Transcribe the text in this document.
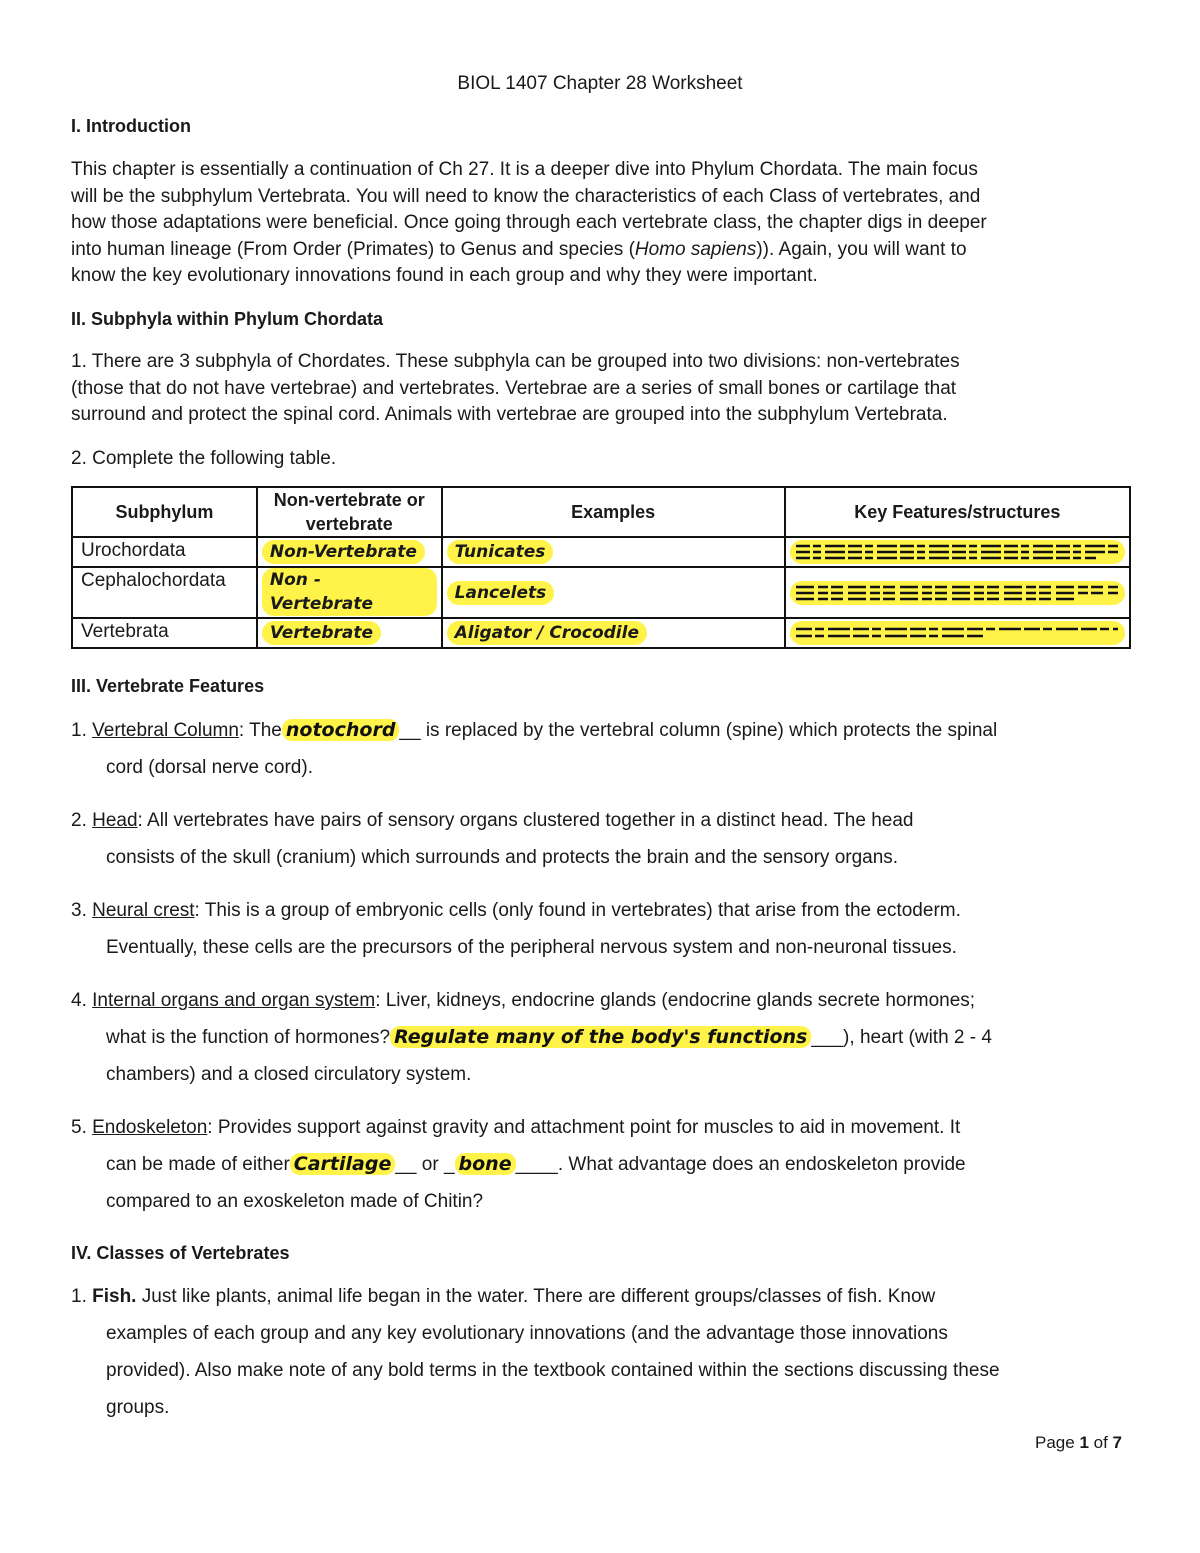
BIOL 1407 Chapter 28 Worksheet
I. Introduction
This chapter is essentially a continuation of Ch 27. It is a deeper dive into Phylum Chordata. The main focus
will be the subphylum Vertebrata. You will need to know the characteristics of each Class of vertebrates, and
how those adaptations were beneficial. Once going through each vertebrate class, the chapter digs in deeper
into human lineage (From Order (Primates) to Genus and species (Homo sapiens)). Again, you will want to
know the key evolutionary innovations found in each group and why they were important.
II. Subphyla within Phylum Chordata
1. There are 3 subphyla of Chordates. These subphyla can be grouped into two divisions: non-vertebrates
(those that do not have vertebrae) and vertebrates. Vertebrae are a series of small bones or cartilage that
surround and protect the spinal cord. Animals with vertebrae are grouped into the subphylum Vertebrata.
2. Complete the following table.
Subphylum	Non-vertebrate or vertebrate	Examples	Key Features/structures
Urochordata	Non-Vertebrate	Tunicates	

Cephalochordata	Non - Vertebrate	Lancelets	

Vertebrata	Vertebrate	Aligator / Crocodile	
III. Vertebrate Features
1. Vertebral Column: The notochord __ is replaced by the vertebral column (spine) which protects the spinal
cord (dorsal nerve cord).
2. Head: All vertebrates have pairs of sensory organs clustered together in a distinct head. The head
consists of the skull (cranium) which surrounds and protects the brain and the sensory organs.
3. Neural crest: This is a group of embryonic cells (only found in vertebrates) that arise from the ectoderm.
Eventually, these cells are the precursors of the peripheral nervous system and non-neuronal tissues.
4. Internal organs and organ system: Liver, kidneys, endocrine glands (endocrine glands secrete hormones;
what is the function of hormones? Regulate many of the body's functions ___), heart (with 2 - 4
chambers) and a closed circulatory system.
5. Endoskeleton: Provides support against gravity and attachment point for muscles to aid in movement. It
can be made of either Cartilage __ or _ bone ____. What advantage does an endoskeleton provide
compared to an exoskeleton made of Chitin?
IV. Classes of Vertebrates
1. Fish. Just like plants, animal life began in the water. There are different groups/classes of fish. Know
examples of each group and any key evolutionary innovations (and the advantage those innovations
provided). Also make note of any bold terms in the textbook contained within the sections discussing these
groups.
Page 1 of 7
